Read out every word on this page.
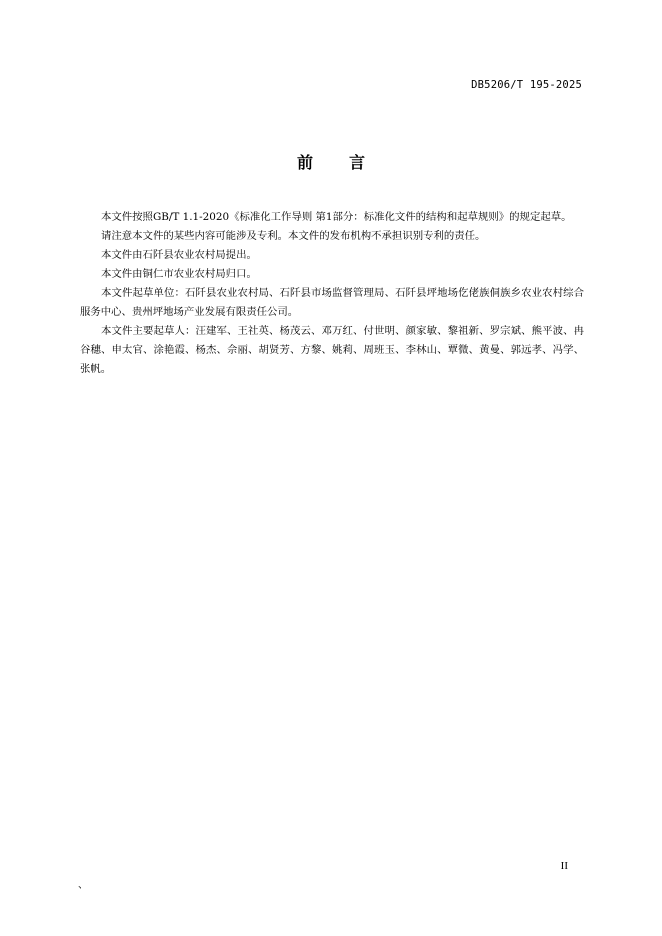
DB5206/T 195-2025
前言

本文件按照GB/T 1.1-2020《标准化工作导则 第1部分：标准化文件的结构和起草规则》的规定起草。

请注意本文件的某些内容可能涉及专利。本文件的发布机构不承担识别专利的责任。

本文件由石阡县农业农村局提出。

本文件由铜仁市农业农村局归口。

本文件起草单位：石阡县农业农村局、石阡县市场监督管理局、石阡县坪地场仡佬族侗族乡农业农村综合服务中心、贵州坪地场产业发展有限责任公司。

本文件主要起草人：汪建军、王社英、杨茂云、邓万红、付世明、颜家敏、黎祖新、罗宗斌、熊平波、冉谷穗、申太官、涂艳霞、杨杰、佘丽、胡贤芳、方黎、姚莉、周班玉、李林山、覃微、黄曼、郭远孝、冯学、张帆。

II
、
